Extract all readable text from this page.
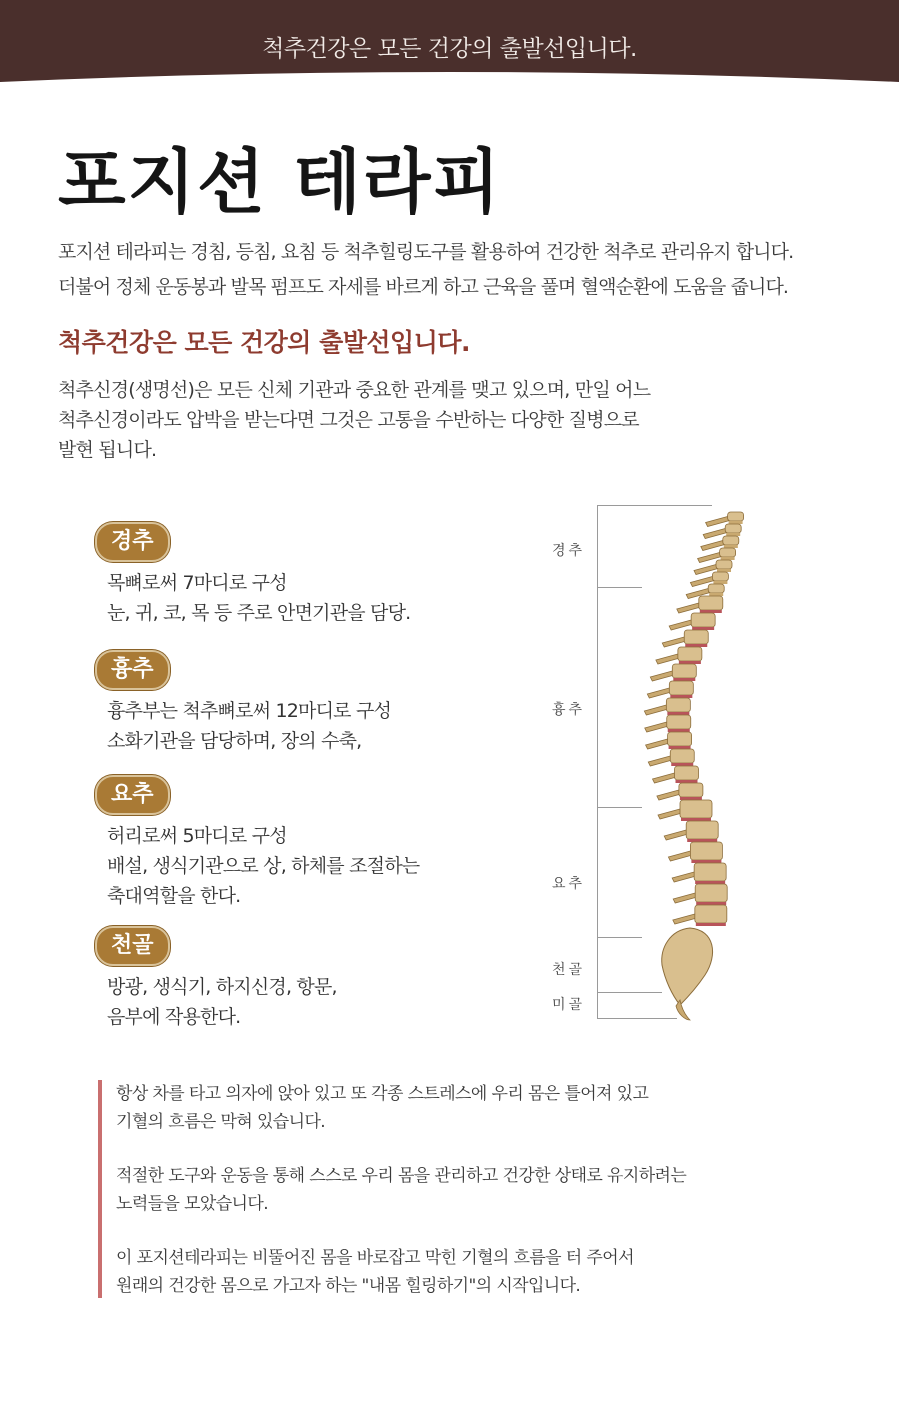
척추건강은 모든 건강의 출발선입니다.
포지션 테라피
포지션 테라피는 경침, 등침, 요침 등 척추힐링도구를 활용하여 건강한 척추로 관리유지 합니다.
더불어 정체 운동봉과 발목 펌프도 자세를 바르게 하고 근육을 풀며 혈액순환에 도움을 줍니다.
척추건강은 모든 건강의 출발선입니다.
척추신경(생명선)은 모든 신체 기관과 중요한 관계를 맺고 있으며, 만일 어느
척추신경이라도 압박을 받는다면 그것은 고통을 수반하는 다양한 질병으로
발현 됩니다.
경추
목뼈로써 7마디로 구성
눈, 귀, 코, 목 등 주로 안면기관을 담당.
흉추
흉추부는 척추뼈로써 12마디로 구성
소화기관을 담당하며, 장의 수축,
요추
허리로써 5마디로 구성
배설, 생식기관으로 상, 하체를 조절하는
축대역할을 한다.
천골
방광, 생식기, 하지신경, 항문,
음부에 작용한다.
경추
흉추
요추
천골
미골

항상 차를 타고 의자에 앉아 있고 또 각종 스트레스에 우리 몸은 틀어져 있고
기혈의 흐름은 막혀 있습니다.

적절한 도구와 운동을 통해 스스로 우리 몸을 관리하고 건강한 상태로 유지하려는
노력들을 모았습니다.

이 포지션테라피는 비뚤어진 몸을 바로잡고 막힌 기혈의 흐름을 터 주어서
원래의 건강한 몸으로 가고자 하는 "내몸 힐링하기"의 시작입니다.
